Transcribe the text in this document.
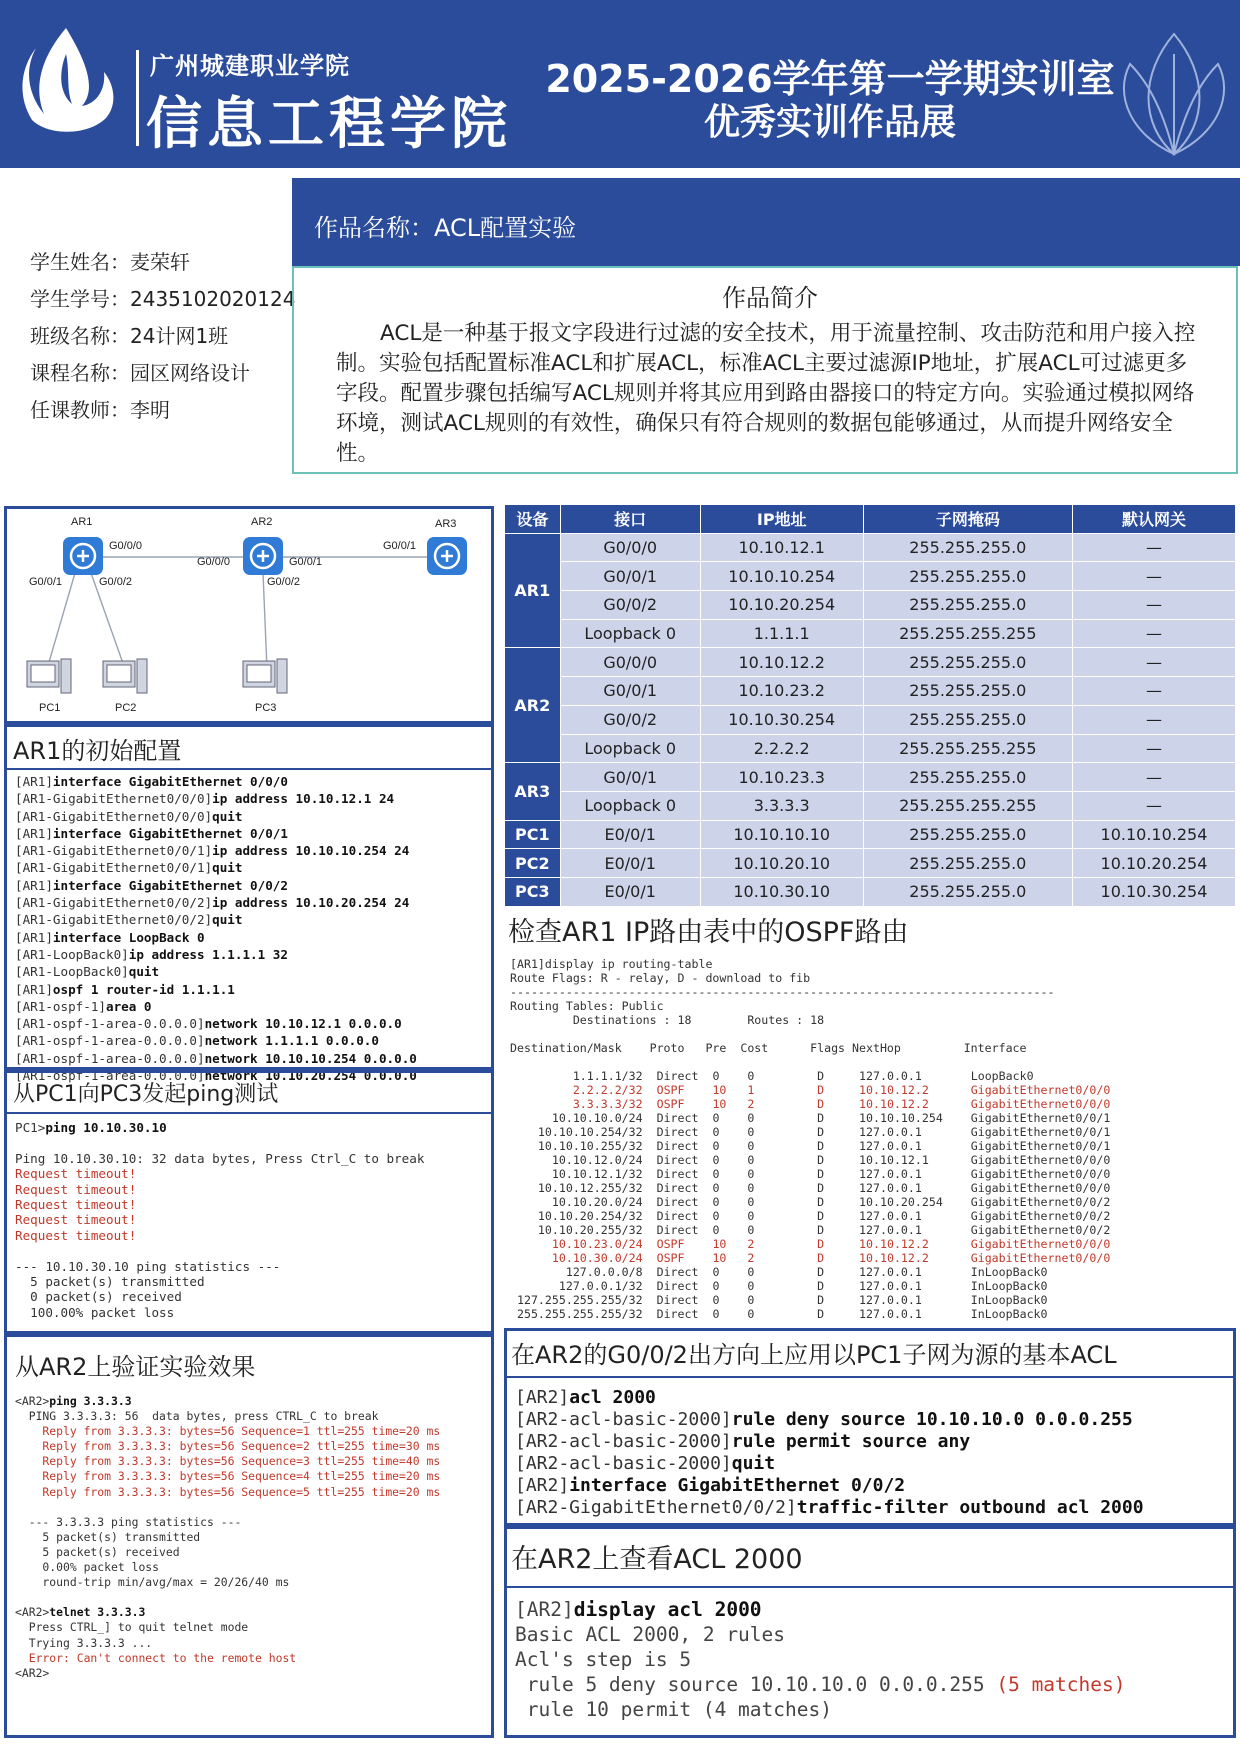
广州城建职业学院
信息工程学院
2025-2026学年第一学期实训室
优秀实训作品展
学生姓名：麦荣轩
学生学号：2435102020124
班级名称：24计网1班
课程名称：园区网络设计
任课教师：李明
作品名称：ACL配置实验
作品简介
ACL是一种基于报文字段进行过滤的安全技术，用于流量控制、攻击防范和用户接入控制。实验包括配置标准ACL和扩展ACL，标准ACL主要过滤源IP地址，扩展ACL可过滤更多字段。配置步骤包括编写ACL规则并将其应用到路由器接口的特定方向。实验通过模拟网络环境，测试ACL规则的有效性，确保只有符合规则的数据包能够通过，从而提升网络安全性。
AR1	AR2	AR3
G0/0/0
G0/0/0	G0/0/1
G0/0/1
G0/0/1	G0/0/2	G0/0/2
PC1	PC2	PC3
AR1的初始配置
[AR1]interface GigabitEthernet 0/0/0
[AR1-GigabitEthernet0/0/0]ip address 10.10.12.1 24
[AR1-GigabitEthernet0/0/0]quit
[AR1]interface GigabitEthernet 0/0/1
[AR1-GigabitEthernet0/0/1]ip address 10.10.10.254 24
[AR1-GigabitEthernet0/0/1]quit
[AR1]interface GigabitEthernet 0/0/2
[AR1-GigabitEthernet0/0/2]ip address 10.10.20.254 24
[AR1-GigabitEthernet0/0/2]quit
[AR1]interface LoopBack 0
[AR1-LoopBack0]ip address 1.1.1.1 32
[AR1-LoopBack0]quit
[AR1]ospf 1 router-id 1.1.1.1
[AR1-ospf-1]area 0
[AR1-ospf-1-area-0.0.0.0]network 10.10.12.1 0.0.0.0
[AR1-ospf-1-area-0.0.0.0]network 1.1.1.1 0.0.0.0
[AR1-ospf-1-area-0.0.0.0]network 10.10.10.254 0.0.0.0
[AR1-ospf-1-area-0.0.0.0]network 10.10.20.254 0.0.0.0
从PC1向PC3发起ping测试
PC1>ping 10.10.30.10
Ping 10.10.30.10: 32 data bytes, Press Ctrl_C to break
Request timeout!
Request timeout!
Request timeout!
Request timeout!
Request timeout!
--- 10.10.30.10 ping statistics ---
5 packet(s) transmitted
0 packet(s) received
100.00% packet loss
从AR2上验证实验效果
<AR2>ping 3.3.3.3
PING 3.3.3.3: 56  data bytes, press CTRL_C to break
Reply from 3.3.3.3: bytes=56 Sequence=1 ttl=255 time=20 ms
Reply from 3.3.3.3: bytes=56 Sequence=2 ttl=255 time=30 ms
Reply from 3.3.3.3: bytes=56 Sequence=3 ttl=255 time=40 ms
Reply from 3.3.3.3: bytes=56 Sequence=4 ttl=255 time=20 ms
Reply from 3.3.3.3: bytes=56 Sequence=5 ttl=255 time=20 ms
--- 3.3.3.3 ping statistics ---
5 packet(s) transmitted
5 packet(s) received
0.00% packet loss
round-trip min/avg/max = 20/26/40 ms
<AR2>telnet 3.3.3.3
Press CTRL_] to quit telnet mode
Trying 3.3.3.3 ...
Error: Can't connect to the remote host
<AR2>
设备	接口	IP地址	子网掩码	默认网关
AR1	G0/0/0	10.10.12.1	255.255.255.0	—
	G0/0/1	10.10.10.254	255.255.255.0	—
	G0/0/2	10.10.20.254	255.255.255.0	—
	Loopback 0	1.1.1.1	255.255.255.255	—
AR2	G0/0/0	10.10.12.2	255.255.255.0	—
	G0/0/1	10.10.23.2	255.255.255.0	—
	G0/0/2	10.10.30.254	255.255.255.0	—
	Loopback 0	2.2.2.2	255.255.255.255	—
AR3	G0/0/1	10.10.23.3	255.255.255.0	—
	Loopback 0	3.3.3.3	255.255.255.255	—
PC1	E0/0/1	10.10.10.10	255.255.255.0	10.10.10.254
PC2	E0/0/1	10.10.20.10	255.255.255.0	10.10.20.254
PC3	E0/0/1	10.10.30.10	255.255.255.0	10.10.30.254
检查AR1 IP路由表中的OSPF路由
[AR1]display ip routing-table
Route Flags: R - relay, D - download to fib
------------------------------------------------------------------------------
Routing Tables: Public
Destinations : 18        Routes : 18
Destination/Mask    Proto   Pre  Cost      Flags NextHop         Interface
1.1.1.1/32  Direct  0    0         D     127.0.0.1       LoopBack0
2.2.2.2/32  OSPF    10   1         D     10.10.12.2      GigabitEthernet0/0/0
3.3.3.3/32  OSPF    10   2         D     10.10.12.2      GigabitEthernet0/0/0
10.10.10.0/24  Direct  0    0         D     10.10.10.254    GigabitEthernet0/0/1
10.10.10.254/32  Direct  0    0         D     127.0.0.1       GigabitEthernet0/0/1
10.10.10.255/32  Direct  0    0         D     127.0.0.1       GigabitEthernet0/0/1
10.10.12.0/24  Direct  0    0         D     10.10.12.1      GigabitEthernet0/0/0
10.10.12.1/32  Direct  0    0         D     127.0.0.1       GigabitEthernet0/0/0
10.10.12.255/32  Direct  0    0         D     127.0.0.1       GigabitEthernet0/0/0
10.10.20.0/24  Direct  0    0         D     10.10.20.254    GigabitEthernet0/0/2
10.10.20.254/32  Direct  0    0         D     127.0.0.1       GigabitEthernet0/0/2
10.10.20.255/32  Direct  0    0         D     127.0.0.1       GigabitEthernet0/0/2
10.10.23.0/24  OSPF    10   2         D     10.10.12.2      GigabitEthernet0/0/0
10.10.30.0/24  OSPF    10   2         D     10.10.12.2      GigabitEthernet0/0/0
127.0.0.0/8  Direct  0    0         D     127.0.0.1       InLoopBack0
127.0.0.1/32  Direct  0    0         D     127.0.0.1       InLoopBack0
127.255.255.255/32  Direct  0    0         D     127.0.0.1       InLoopBack0
255.255.255.255/32  Direct  0    0         D     127.0.0.1       InLoopBack0
在AR2的G0/0/2出方向上应用以PC1子网为源的基本ACL
[AR2]acl 2000
[AR2-acl-basic-2000]rule deny source 10.10.10.0 0.0.0.255
[AR2-acl-basic-2000]rule permit source any
[AR2-acl-basic-2000]quit
[AR2]interface GigabitEthernet 0/0/2
[AR2-GigabitEthernet0/0/2]traffic-filter outbound acl 2000
在AR2上查看ACL 2000
[AR2]display acl 2000
Basic ACL 2000, 2 rules
Acl's step is 5
rule 5 deny source 10.10.10.0 0.0.0.255 (5 matches)
rule 10 permit (4 matches)
